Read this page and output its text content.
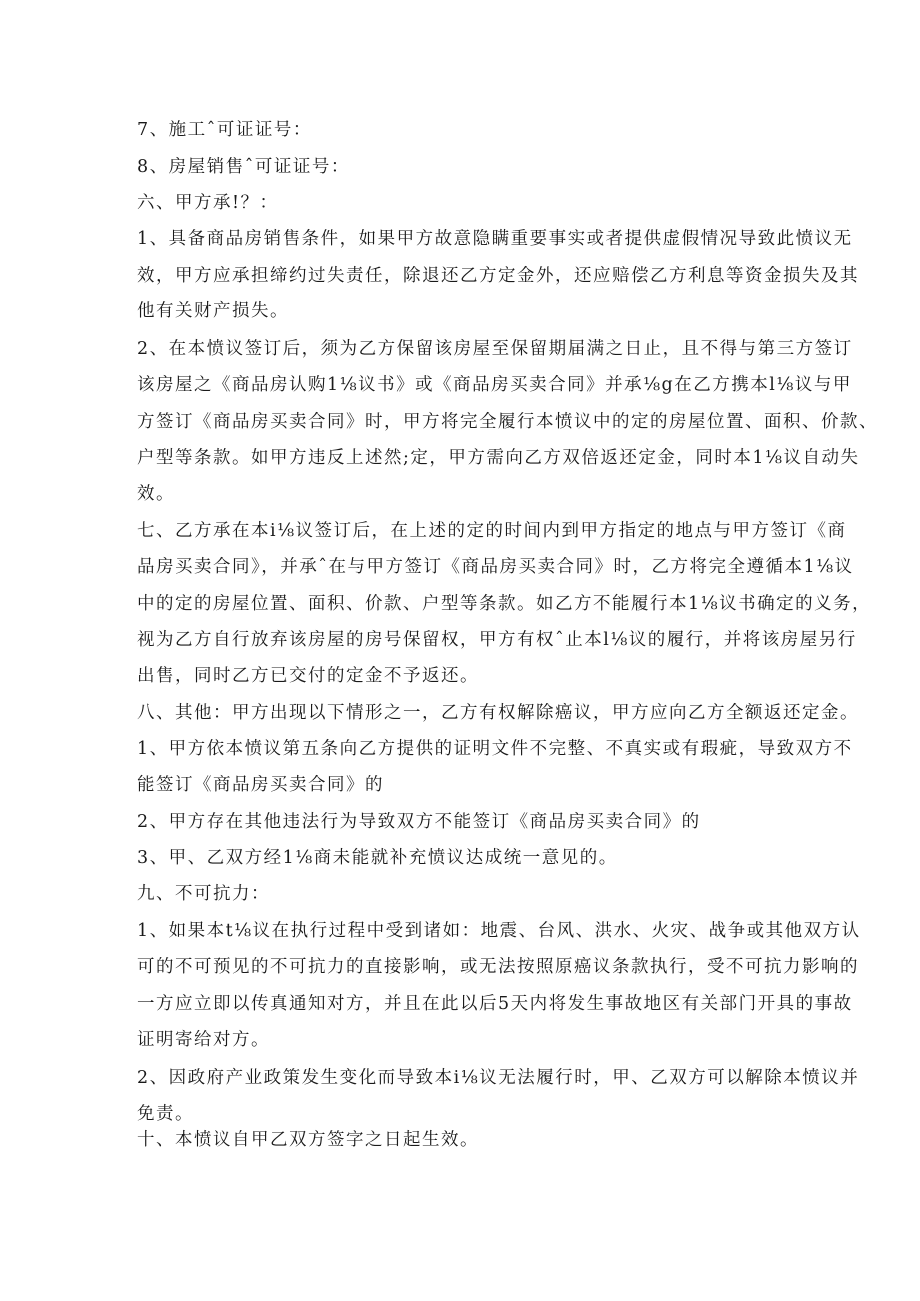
7、施工ˆ可证证号：
8、房屋销售ˆ可证证号：
六、甲方承!？：
1、具备商品房销售条件，如果甲方故意隐瞒重要事实或者提供虚假情况导致此愤议无
效，甲方应承担缔约过失责任，除退还乙方定金外，还应赔偿乙方利息等资金损失及其
他有关财产损失。
2、在本愤议签订后，须为乙方保留该房屋至保留期届满之日止，且不得与第三方签订
该房屋之《商品房认购1⅛议书》或《商品房买卖合同》并承⅛g在乙方携本l⅛议与甲
方签订《商品房买卖合同》时，甲方将完全履行本愤议中的定的房屋位置、面积、价款、
户型等条款。如甲方违反上述然;定，甲方需向乙方双倍返还定金，同时本1⅛议自动失
效。
七、乙方承在本i⅛议签订后，在上述的定的时间内到甲方指定的地点与甲方签订《商
品房买卖合同》，并承ˆ在与甲方签订《商品房买卖合同》时，乙方将完全遵循本1⅛议
中的定的房屋位置、面积、价款、户型等条款。如乙方不能履行本1⅛议书确定的义务，
视为乙方自行放弃该房屋的房号保留权，甲方有权ˆ止本l⅛议的履行，并将该房屋另行
出售，同时乙方已交付的定金不予返还。
八、其他：甲方出现以下情形之一，乙方有权解除癌议，甲方应向乙方全额返还定金。
1、甲方依本愤议第五条向乙方提供的证明文件不完整、不真实或有瑕疵，导致双方不
能签订《商品房买卖合同》的
2、甲方存在其他违法行为导致双方不能签订《商品房买卖合同》的
3、甲、乙双方经1⅛商未能就补充愤议达成统一意见的。
九、不可抗力：
1、如果本t⅛议在执行过程中受到诸如：地震、台风、洪水、火灾、战争或其他双方认
可的不可预见的不可抗力的直接影响，或无法按照原癌议条款执行，受不可抗力影响的
一方应立即以传真通知对方，并且在此以后5天内将发生事故地区有关部门开具的事故
证明寄给对方。
2、因政府产业政策发生变化而导致本i⅛议无法履行时，甲、乙双方可以解除本愤议并
免责。
十、本愤议自甲乙双方签字之日起生效。
